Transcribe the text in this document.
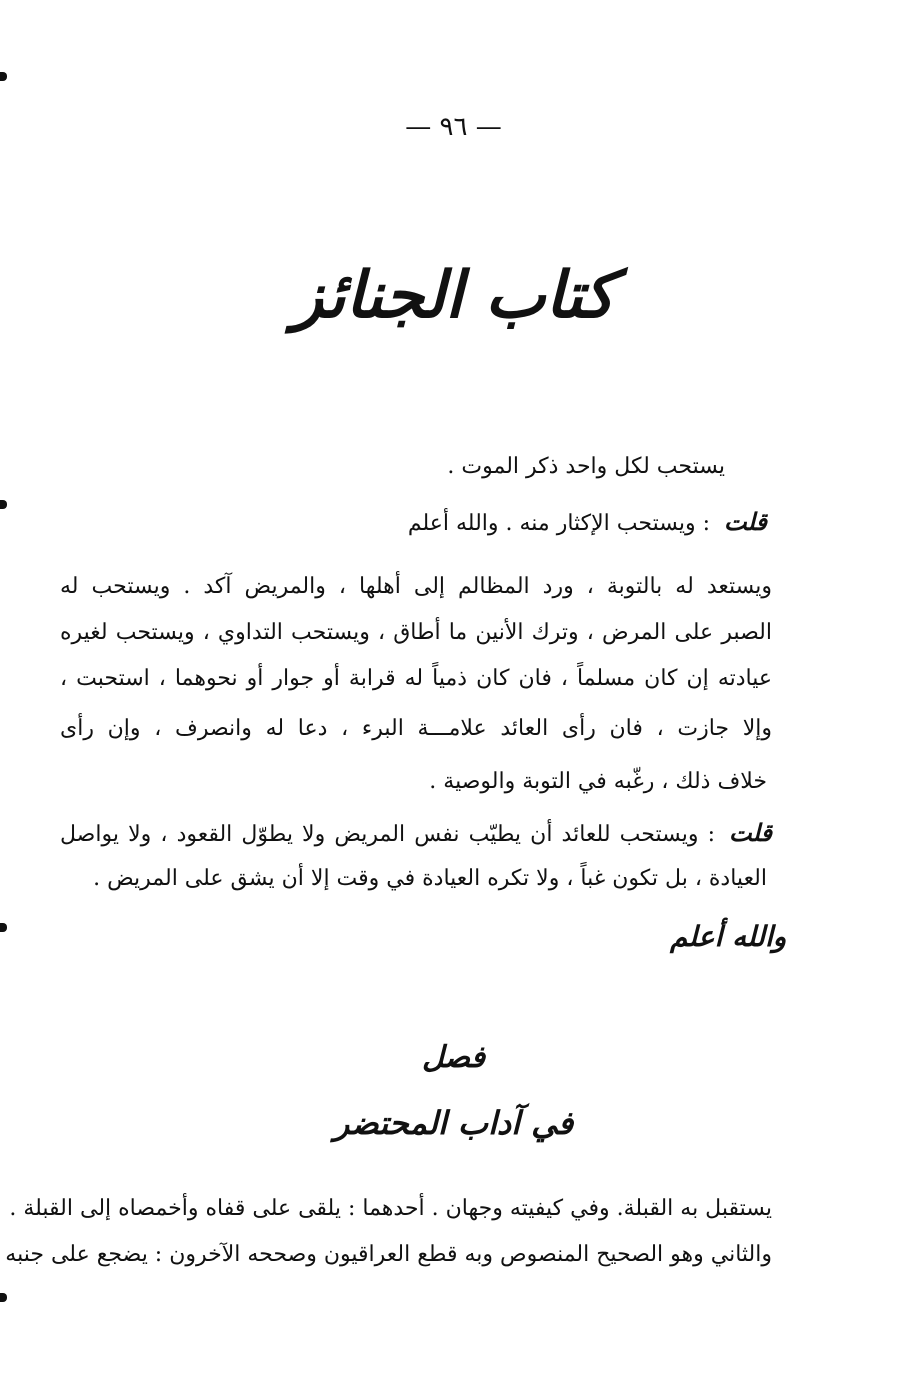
— ٩٦ —
كتاب الجنائز
يستحب لكل واحد ذكر الموت .
قلت: ويستحب الإكثار منه . والله أعلم
ويستعد له بالتوبة ، ورد المظالم إلى أهلها ، والمريض آكد . ويستحب له
الصبر على المرض ، وترك الأنين ما أطاق ، ويستحب التداوي ، ويستحب لغيره
عيادته إن كان مسلماً ، فان كان ذمياً له قرابة أو جوار أو نحوهما ، استحبت ،
وإلا جازت ، فان رأى العائد علامـــة البرء ، دعا له وانصرف ، وإن رأى
خلاف ذلك ، رغّبه في التوبة والوصية .
قلت: ويستحب للعائد أن يطيّب نفس المريض ولا يطوّل القعود ، ولا يواصل
العيادة ، بل تكون غباً ، ولا تكره العيادة في وقت إلا أن يشق على المريض .
والله أعلم
فصل
في آداب المحتضر
يستقبل به القبلة. وفي كيفيته وجهان . أحدهما : يلقى على قفاه وأخمصاه إلى القبلة .
والثاني وهو الصحيح المنصوص وبه قطع العراقيون وصححه الآخرون : يضجع على جنبه
